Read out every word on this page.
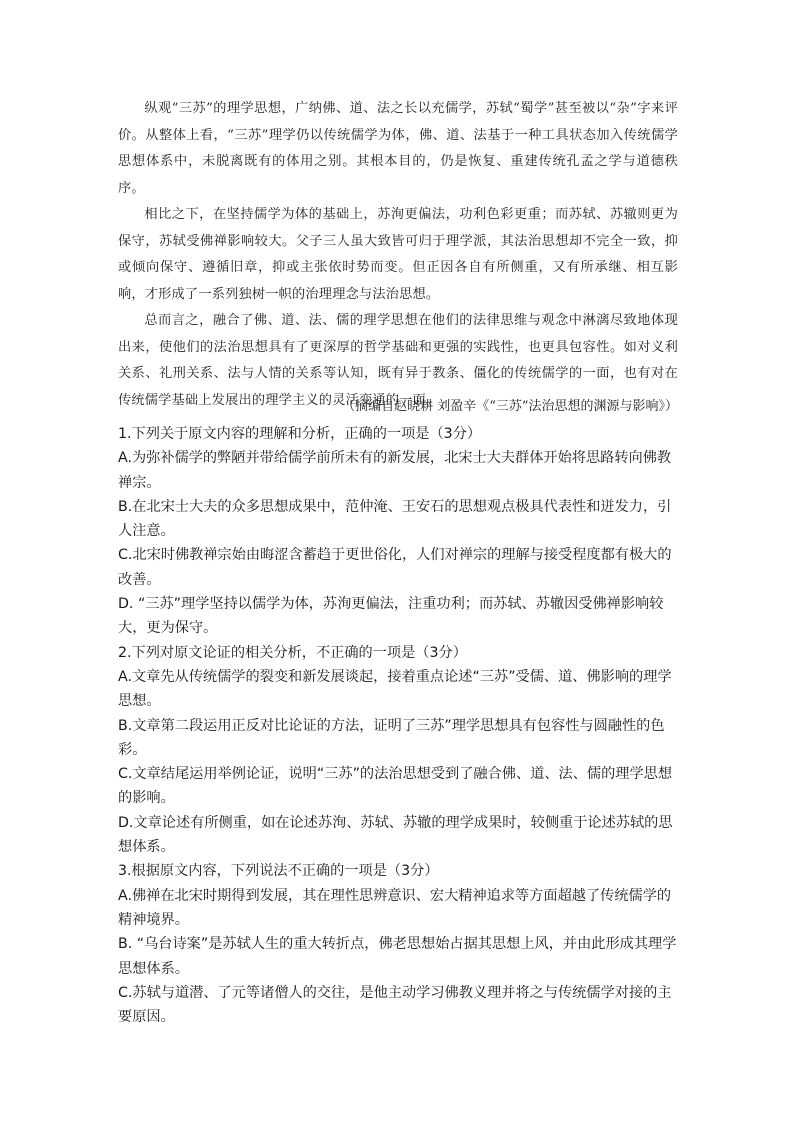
纵观“三苏”的理学思想，广纳佛、道、法之长以充儒学，苏轼“蜀学”甚至被以“杂”字来评价。从整体上看，“三苏”理学仍以传统儒学为体，佛、道、法基于一种工具状态加入传统儒学思想体系中，未脱离既有的体用之别。其根本目的，仍是恢复、重建传统孔孟之学与道德秩序。

相比之下，在坚持儒学为体的基础上，苏洵更偏法，功利色彩更重；而苏轼、苏辙则更为保守，苏轼受佛禅影响较大。父子三人虽大致皆可归于理学派，其法治思想却不完全一致，抑或倾向保守、遵循旧章，抑或主张依时势而变。但正因各自有所侧重，又有所承继、相互影响，才形成了一系列独树一帜的治理理念与法治思想。

总而言之，融合了佛、道、法、儒的理学思想在他们的法律思维与观念中淋漓尽致地体现出来，使他们的法治思想具有了更深厚的哲学基础和更强的实践性，也更具包容性。如对义利关系、礼刑关系、法与人情的关系等认知，既有异于教条、僵化的传统儒学的一面，也有对在传统儒学基础上发展出的理学主义的灵活变通的一面。

（摘编自赵晓耕 刘盈辛《“三苏”法治思想的渊源与影响》）

1.下列关于原文内容的理解和分析，正确的一项是（3分）

A.为弥补儒学的弊陋并带给儒学前所未有的新发展，北宋士大夫群体开始将思路转向佛教禅宗。

B.在北宋士大夫的众多思想成果中，范仲淹、王安石的思想观点极具代表性和迸发力，引人注意。

C.北宋时佛教禅宗始由晦涩含蓄趋于更世俗化，人们对禅宗的理解与接受程度都有极大的改善。

D. “三苏”理学坚持以儒学为体，苏洵更偏法，注重功利；而苏轼、苏辙因受佛禅影响较大，更为保守。

2.下列对原文论证的相关分析，不正确的一项是（3分）

A.文章先从传统儒学的裂变和新发展谈起，接着重点论述“三苏”受儒、道、佛影响的理学思想。

B.文章第二段运用正反对比论证的方法，证明了三苏”理学思想具有包容性与圆融性的色彩。

C.文章结尾运用举例论证，说明“三苏”的法治思想受到了融合佛、道、法、儒的理学思想的影响。

D.文章论述有所侧重，如在论述苏洵、苏轼、苏辙的理学成果时，较侧重于论述苏轼的思想体系。

3.根据原文内容，下列说法不正确的一项是（3分）

A.佛禅在北宋时期得到发展，其在理性思辨意识、宏大精神追求等方面超越了传统儒学的精神境界。

B. “乌台诗案”是苏轼人生的重大转折点，佛老思想始占据其思想上风，并由此形成其理学思想体系。

C.苏轼与道潜、了元等诸僧人的交往，是他主动学习佛教义理并将之与传统儒学对接的主要原因。
